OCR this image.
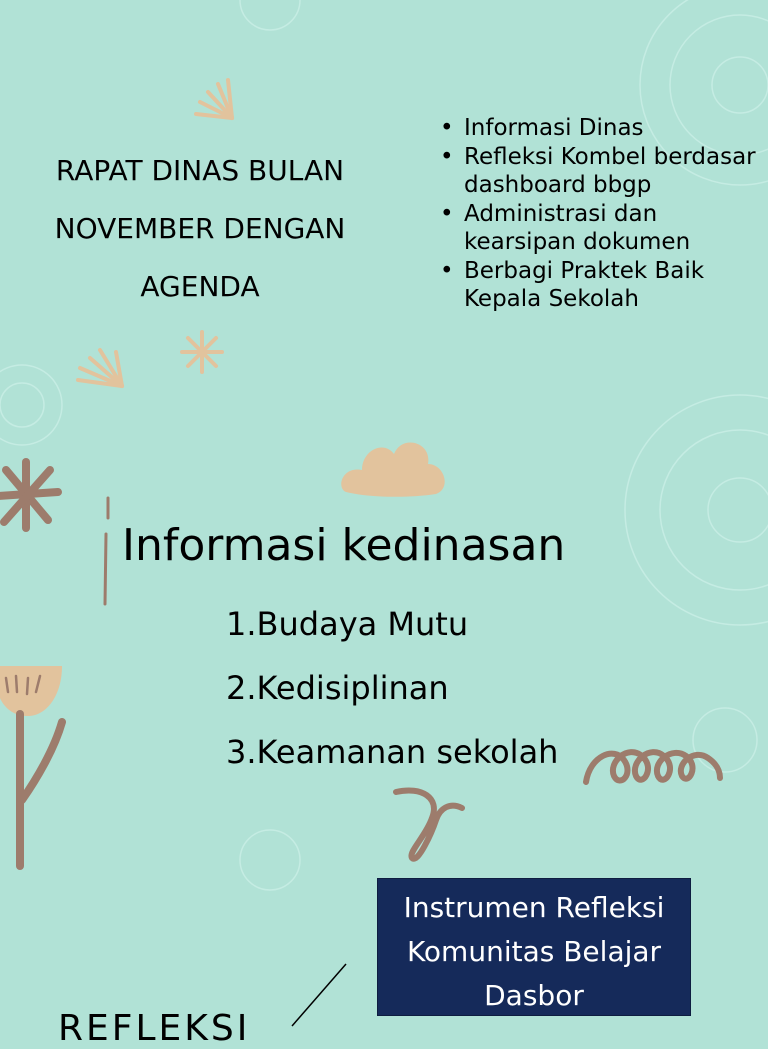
RAPAT DINAS BULAN
NOVEMBER DENGAN
AGENDA
• Informasi Dinas
• Refleksi Kombel berdasar dashboard bbgp
• Administrasi dan kearsipan dokumen
• Berbagi Praktek Baik Kepala Sekolah
Informasi kedinasan
1.Budaya Mutu
2.Kedisiplinan
3.Keamanan sekolah
Instrumen Refleksi
Komunitas Belajar
Dasbor
REFLEKSI
